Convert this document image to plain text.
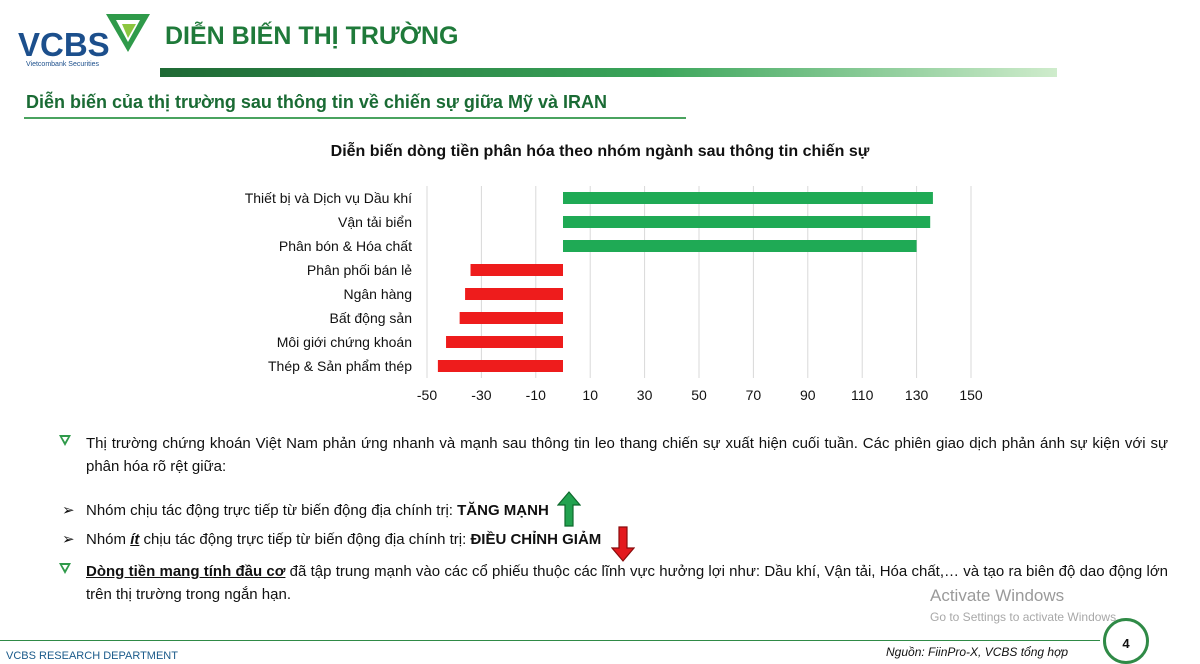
VCBS
Vietcombank Securities
DIỄN BIẾN THỊ TRƯỜNG
Diễn biến của thị trường sau thông tin về chiến sự giữa Mỹ và IRAN
Diễn biến dòng tiền phân hóa theo nhóm ngành sau thông tin chiến sự
-50 -30 -10	10	30	50	70	90	110 130 150
Thiết bị và Dịch vụ Dầu khí
Vận tải biển
Phân bón & Hóa chất
Phân phối bán lẻ
Ngân hàng
Bất động sản
Môi giới chứng khoán
Thép & Sản phẩm thép
Thị trường chứng khoán Việt Nam phản ứng nhanh và mạnh sau thông tin leo thang chiến sự xuất hiện cuối tuần. Các phiên giao dịch phản ánh sự kiện với sự phân hóa rõ rệt giữa:
➢ Nhóm chịu tác động trực tiếp từ biến động địa chính trị: TĂNG MẠNH
➢ Nhóm ít chịu tác động trực tiếp từ biến động địa chính trị: ĐIỀU CHỈNH GIẢM
Dòng tiền mang tính đầu cơ đã tập trung mạnh vào các cổ phiếu thuộc các lĩnh vực hưởng lợi như: Dầu khí, Vận tải, Hóa chất,… và tạo ra biên độ dao động lớn trên thị trường trong ngắn hạn.	Activate Windows
Go to Settings to activate Windows.
VCBS RESEARCH DEPARTMENT	Nguồn: FiinPro-X, VCBS tổng hợp
4
